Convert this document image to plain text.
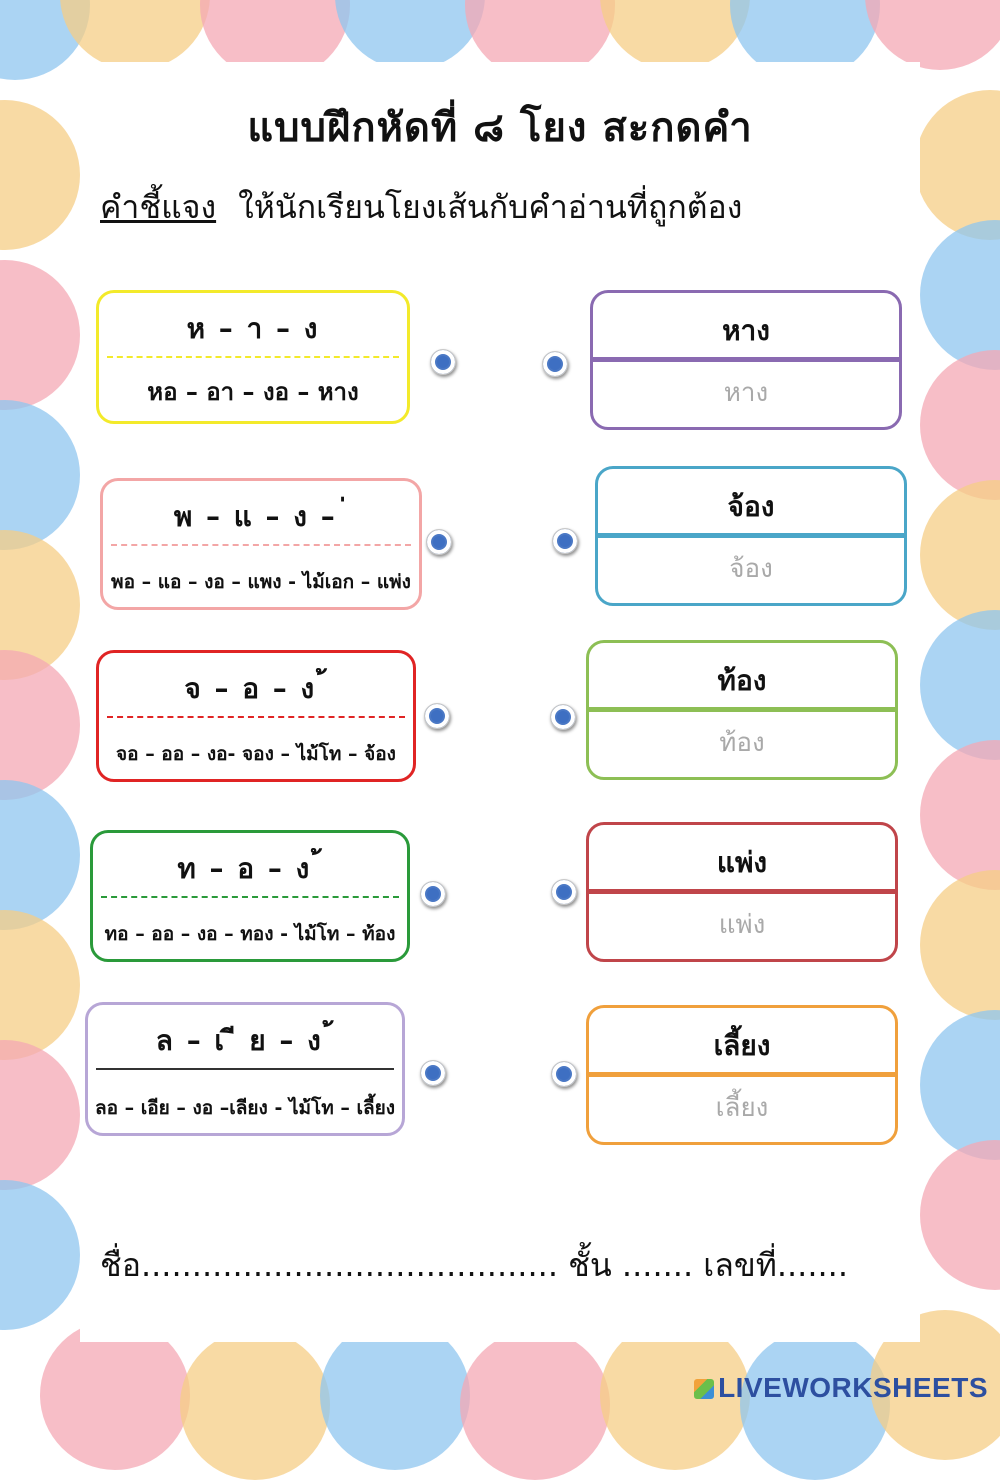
แบบฝึกหัดที่ ๘ โยง สะกดคำ
คำชี้แจง ให้นักเรียนโยงเส้นกับคำอ่านที่ถูกต้อง
ห – า – ง
หอ – อา – งอ – หาง
พ – แ – ง – ่
พอ – แอ – งอ – แพง - ไม้เอก – แพ่ง
จ – อ – ง ้
จอ – ออ – งอ- จอง – ไม้โท – จ้อง
ท – อ – ง ้
ทอ – ออ – งอ – ทอง - ไม้โท – ท้อง
ล – เ ี ย – ง ้
ลอ – เอีย – งอ –เลียง - ไม้โท – เลี้ยง
หาง
หาง
จ้อง
จ้อง
ท้อง
ท้อง
แพ่ง
แพ่ง
เลี้ยง
เลี้ยง
ชื่อ......................................... ชั้น ....... เลขที่.......
LIVEWORKSHEETS
